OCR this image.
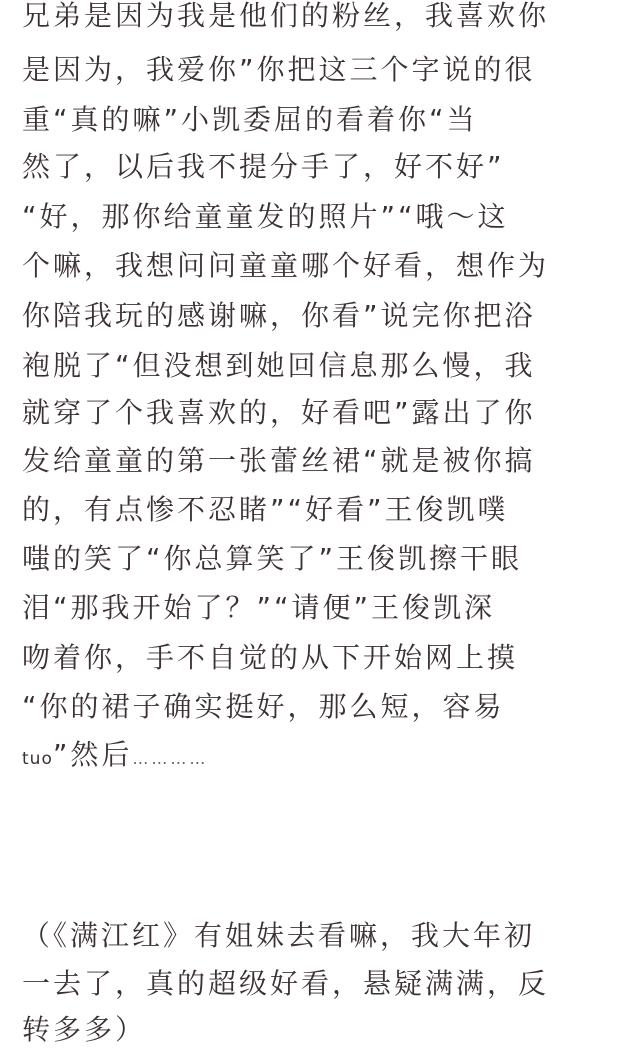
兄弟是因为我是他们的粉丝，我喜欢你
是因为，我爱你”你把这三个字说的很
重“真的嘛”小凯委屈的看着你“当
然了，以后我不提分手了，好不好”
“好，那你给童童发的照片”“哦～这
个嘛，我想问问童童哪个好看，想作为
你陪我玩的感谢嘛，你看”说完你把浴
袍脱了“但没想到她回信息那么慢，我
就穿了个我喜欢的，好看吧”露出了你
发给童童的第一张蕾丝裙“就是被你搞
的，有点惨不忍睹”“好看”王俊凯噗
嗤的笑了“你总算笑了”王俊凯擦干眼
泪“那我开始了？”“请便”王俊凯深
吻着你，手不自觉的从下开始网上摸
“你的裙子确实挺好，那么短，容易
tuo”然后…………
（《满江红》有姐妹去看嘛，我大年初
一去了，真的超级好看，悬疑满满，反
转多多）
